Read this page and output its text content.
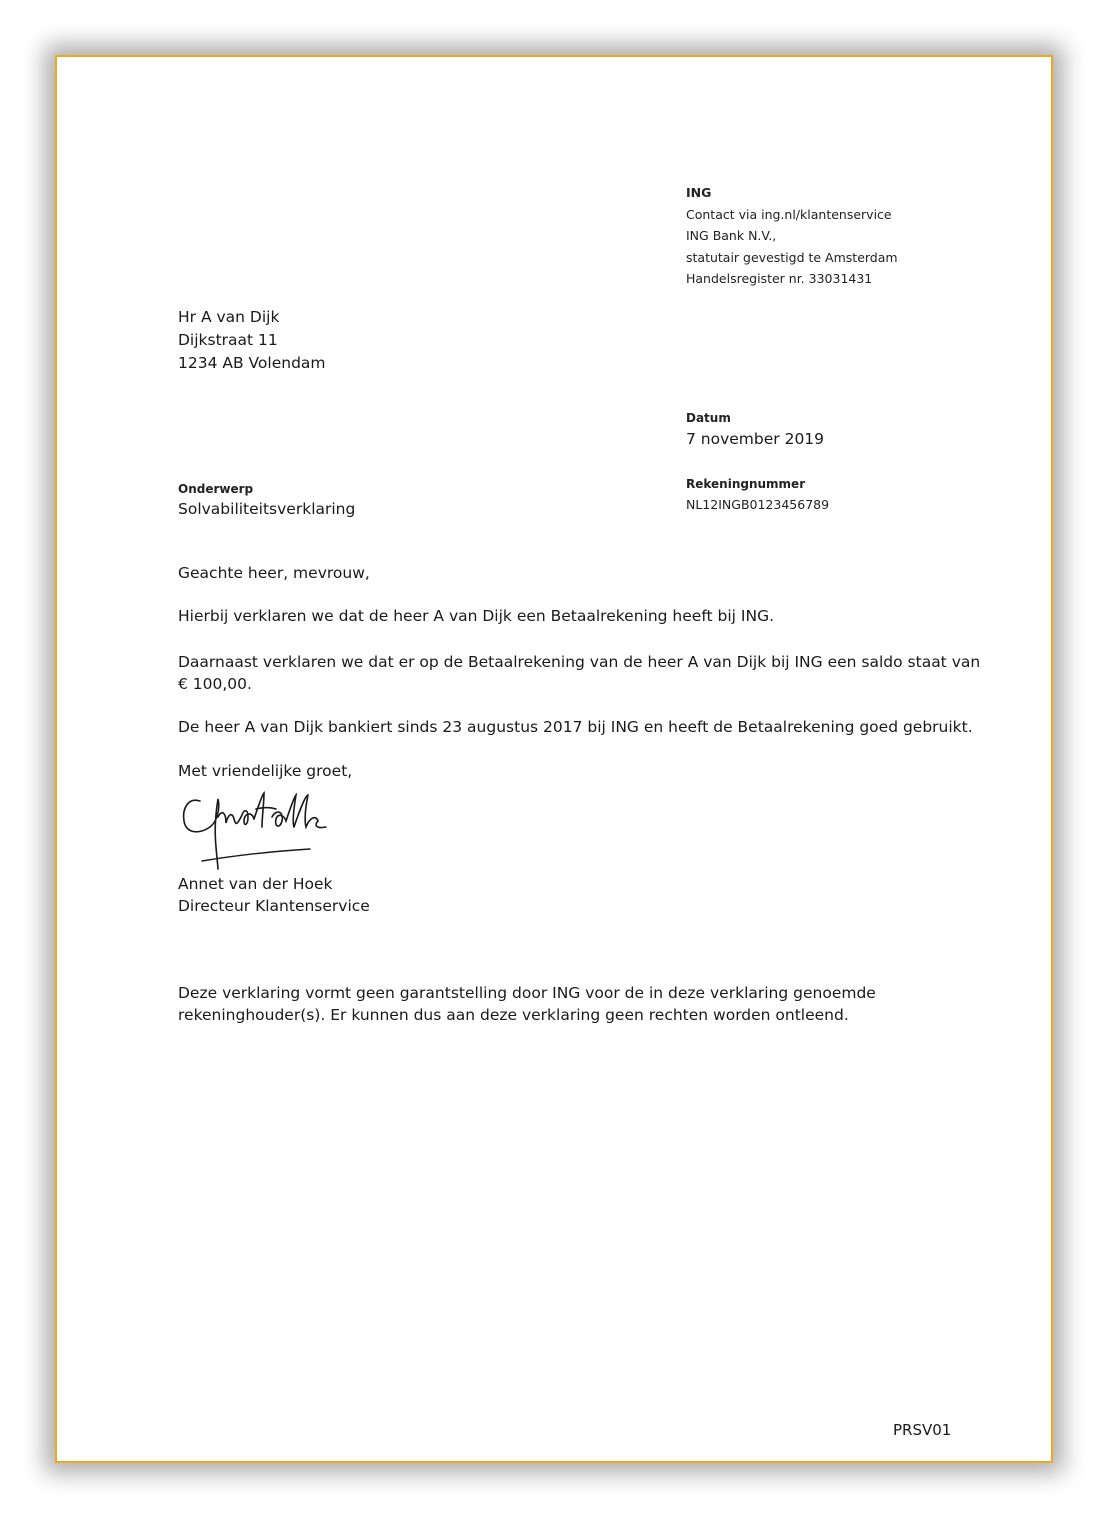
ING
Contact via ing.nl/klantenservice
ING Bank N.V.,
statutair gevestigd te Amsterdam
Handelsregister nr. 33031431
Hr A van Dijk
Dijkstraat 11
1234 AB Volendam
Datum
7 november 2019
Rekeningnummer
NL12INGB0123456789
Onderwerp
Solvabiliteitsverklaring
Geachte heer, mevrouw,
Hierbij verklaren we dat de heer A van Dijk een Betaalrekening heeft bij ING.
Daarnaast verklaren we dat er op de Betaalrekening van de heer A van Dijk bij ING een saldo staat van
€ 100,00.
De heer A van Dijk bankiert sinds 23 augustus 2017 bij ING en heeft de Betaalrekening goed gebruikt.
Met vriendelijke groet,
Annet van der Hoek
Directeur Klantenservice
Deze verklaring vormt geen garantstelling door ING voor de in deze verklaring genoemde
rekeninghouder(s). Er kunnen dus aan deze verklaring geen rechten worden ontleend.
PRSV01
